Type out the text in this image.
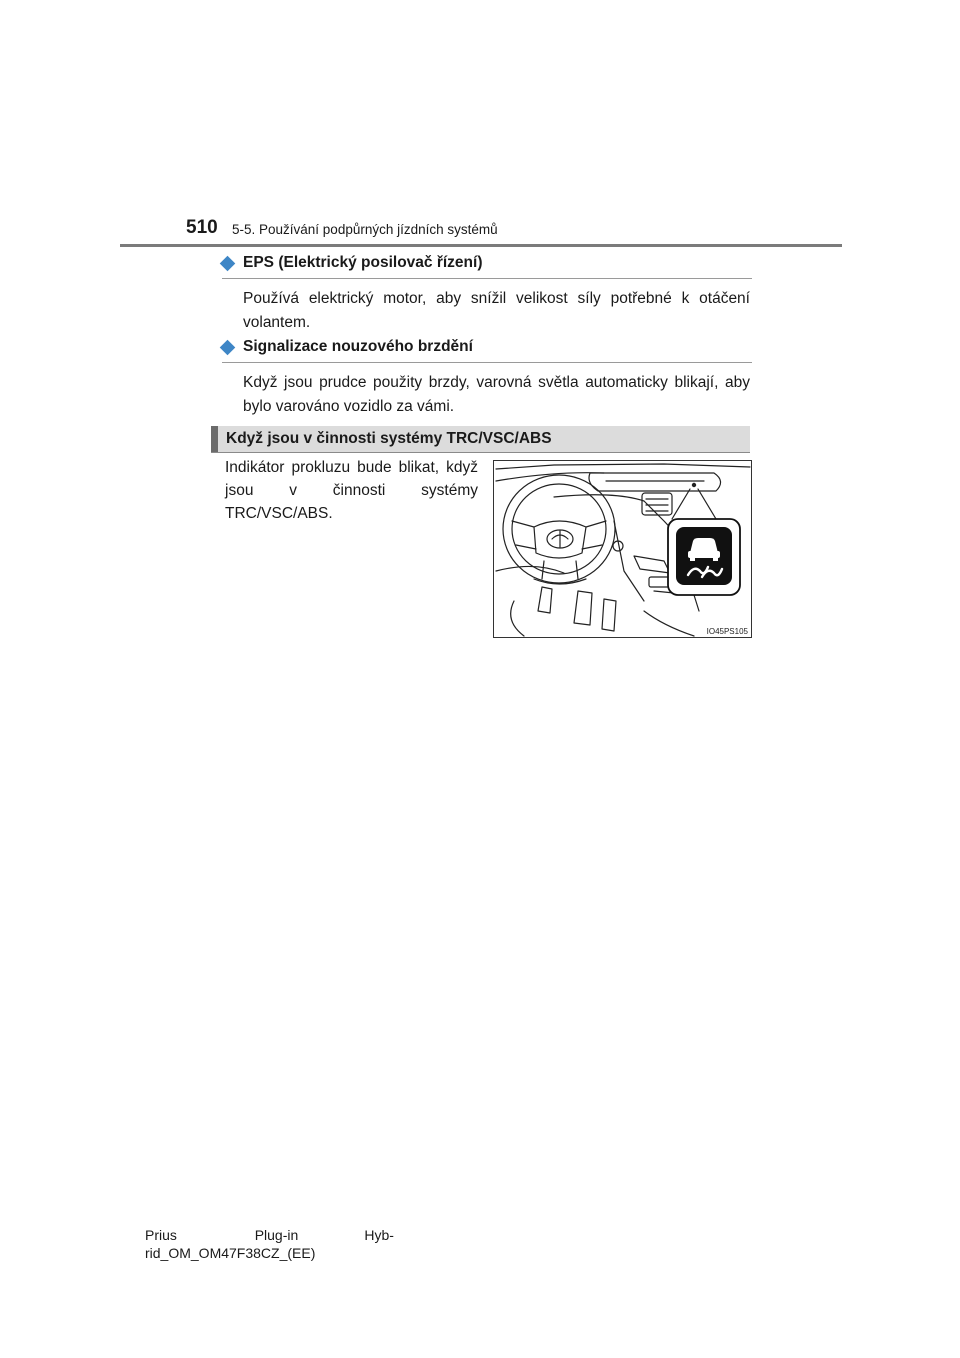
510 5-5. Používání podpůrných jízdních systémů
EPS (Elektrický posilovač řízení)
Používá elektrický motor, aby snížil velikost síly potřebné k otáčení volantem.
Signalizace nouzového brzdění
Když jsou prudce použity brzdy, varovná světla automaticky blikají, aby bylo varováno vozidlo za vámi.
Když jsou v činnosti systémy TRC/VSC/ABS
Indikátor prokluzu bude blikat, když jsou v činnosti systémy TRC/VSC/ABS.
IO45PS105
Prius                    Plug-in                 Hyb-
rid_OM_OM47F38CZ_(EE)
